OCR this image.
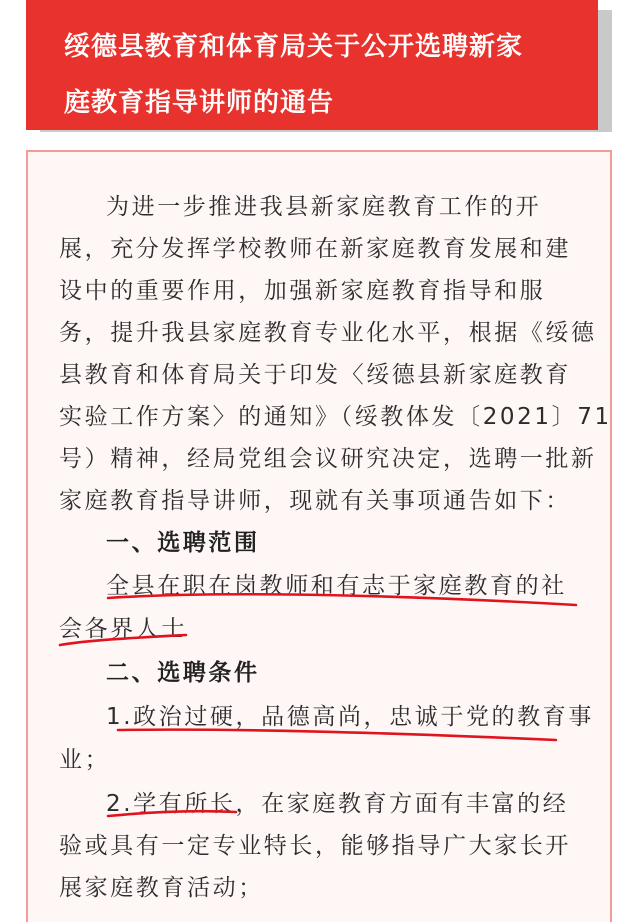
绥德县教育和体育局关于公开选聘新家
庭教育指导讲师的通告
为进一步推进我县新家庭教育工作的开
展，充分发挥学校教师在新家庭教育发展和建
设中的重要作用，加强新家庭教育指导和服
务，提升我县家庭教育专业化水平，根据《绥德
县教育和体育局关于印发〈绥德县新家庭教育
实验工作方案〉的通知》（绥教体发〔2021〕71
号）精神，经局党组会议研究决定，选聘一批新
家庭教育指导讲师，现就有关事项通告如下：
一、选聘范围
全县在职在岗教师和有志于家庭教育的社
会各界人士
二、选聘条件
1.政治过硬，品德高尚，忠诚于党的教育事
业；
2.学有所长，在家庭教育方面有丰富的经
验或具有一定专业特长，能够指导广大家长开
展家庭教育活动；
